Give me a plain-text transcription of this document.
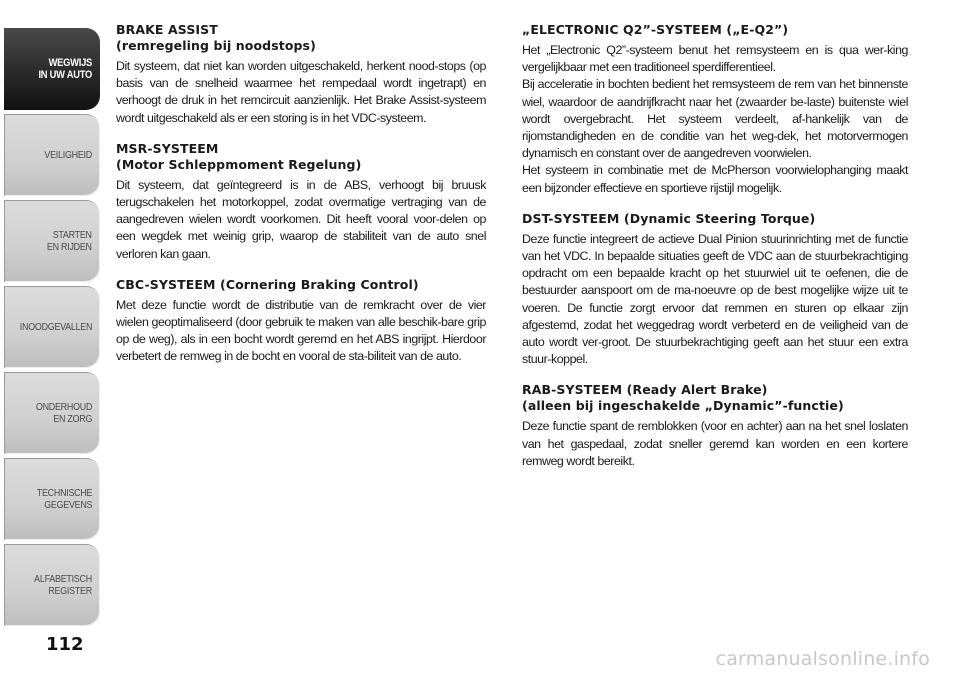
WEGWIJS
IN UW AUTO
VEILIGHEID
STARTEN
EN RIJDEN
INOODGEVALLEN
ONDERHOUD
EN ZORG
TECHNISCHE
GEGEVENS
ALFABETISCH
REGISTER
112
BRAKE ASSIST
(remregeling bij noodstops)

Dit systeem, dat niet kan worden uitgeschakeld, herkent nood-stops (op basis van de snelheid waarmee het rempedaal wordt ingetrapt) en verhoogt de druk in het remcircuit aanzienlijk. Het Brake Assist-systeem wordt uitgeschakeld als er een storing is in het VDC-systeem.

MSR-SYSTEEM
(Motor Schleppmoment Regelung)

Dit systeem, dat geïntegreerd is in de ABS, verhoogt bij bruusk terugschakelen het motorkoppel, zodat overmatige vertraging van de aangedreven wielen wordt voorkomen. Dit heeft vooral voor-delen op een wegdek met weinig grip, waarop de stabiliteit van de auto snel verloren kan gaan.

CBC-SYSTEEM (Cornering Braking Control)

Met deze functie wordt de distributie van de remkracht over de vier wielen geoptimaliseerd (door gebruik te maken van alle beschik-bare grip op de weg), als in een bocht wordt geremd en het ABS ingrijpt. Hierdoor verbetert de remweg in de bocht en vooral de sta-biliteit van de auto.

„ELECTRONIC Q2”-SYSTEEM („E-Q2”)

Het „Electronic Q2”-systeem benut het remsysteem en is qua wer-king vergelijkbaar met een traditioneel sperdifferentieel.

Bij acceleratie in bochten bedient het remsysteem de rem van het binnenste wiel, waardoor de aandrijfkracht naar het (zwaarder be-laste) buitenste wiel wordt overgebracht. Het systeem verdeelt, af-hankelijk van de rijomstandigheden en de conditie van het weg-dek, het motorvermogen dynamisch en constant over de aangedreven voorwielen.

Het systeem in combinatie met de McPherson voorwielophanging maakt een bijzonder effectieve en sportieve rijstijl mogelijk.

DST-SYSTEEM (Dynamic Steering Torque)

Deze functie integreert de actieve Dual Pinion stuurinrichting met de functie van het VDC. In bepaalde situaties geeft de VDC aan de stuurbekrachtiging opdracht om een bepaalde kracht op het stuurwiel uit te oefenen, die de bestuurder aanspoort om de ma-noeuvre op de best mogelijke wijze uit te voeren. De functie zorgt ervoor dat remmen en sturen op elkaar zijn afgestemd, zodat het weggedrag wordt verbeterd en de veiligheid van de auto wordt ver-groot. De stuurbekrachtiging geeft aan het stuur een extra stuur-koppel.

RAB-SYSTEEM (Ready Alert Brake)
(alleen bij ingeschakelde „Dynamic”-functie)

Deze functie spant de remblokken (voor en achter) aan na het snel loslaten van het gaspedaal, zodat sneller geremd kan worden en een kortere remweg wordt bereikt.

carmanualsonline.info
